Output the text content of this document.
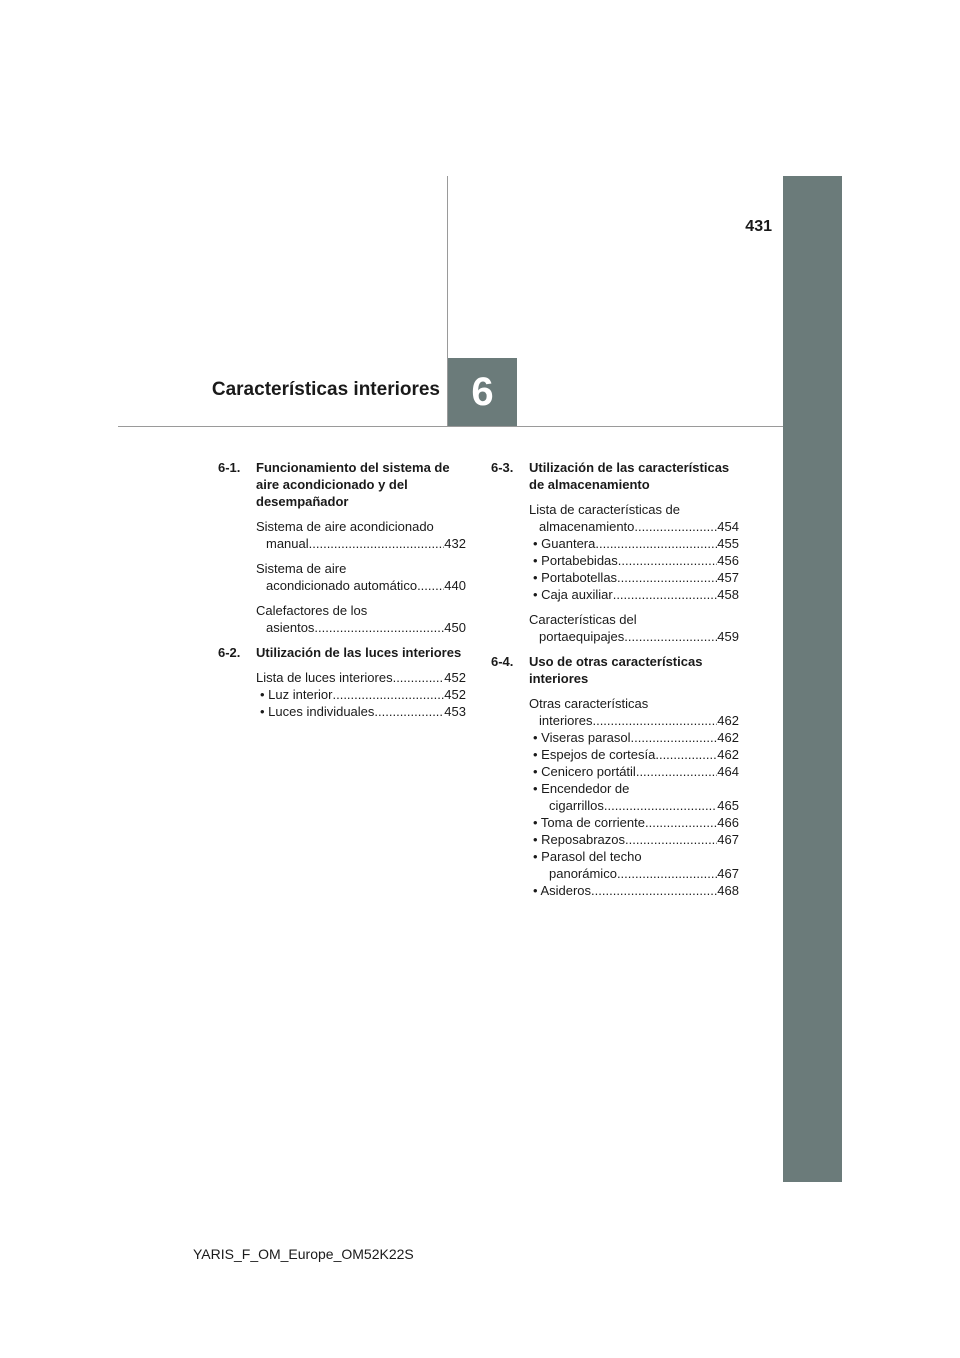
431
Características interiores 6
6-1.	Funcionamiento del sistema de aire acondicionado y del desempañador
Sistema de aire acondicionado
manual .....	432
Sistema de aire
acondicionado automático ..... 440
Calefactores de los
asientos .....	450
6-2.	Utilización de las luces interiores
Lista de luces interiores .....	452
• Luz interior .....	452
• Luces individuales .....	453
6-3.	Utilización de las características de almacenamiento
Lista de características de
almacenamiento .....	454
• Guantera .....	455
• Portabebidas .....	456
• Portabotellas .....	457
• Caja auxiliar .....	458
Características del
portaequipajes .....	459
6-4.	Uso de otras características interiores
Otras características
interiores .....	462
• Viseras parasol .....	462
• Espejos de cortesía .....	462
• Cenicero portátil .....	464
• Encendedor de
cigarrillos .....	465
• Toma de corriente .....	466
• Reposabrazos .....	467
• Parasol del techo
panorámico .....	467
• Asideros .....	468
YARIS_F_OM_Europe_OM52K22S
